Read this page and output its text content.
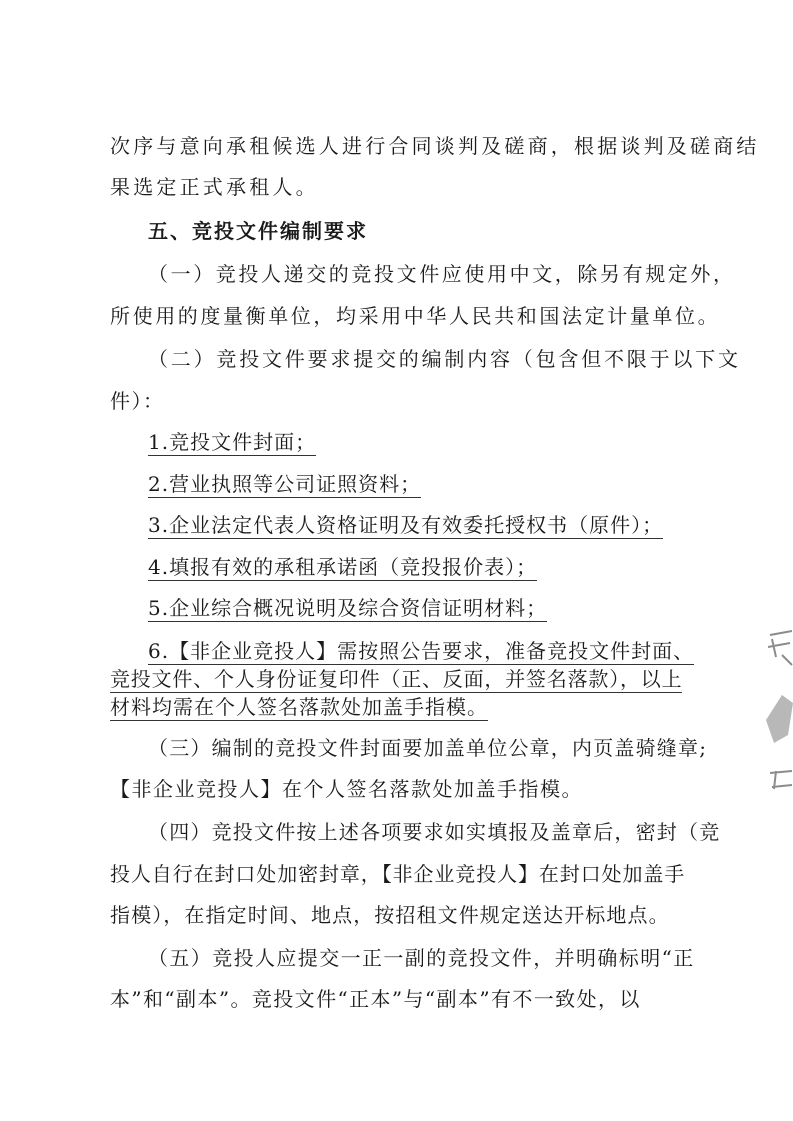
次序与意向承租候选人进行合同谈判及磋商，根据谈判及磋商结
果选定正式承租人。
五、竞投文件编制要求
（一）竞投人递交的竞投文件应使用中文，除另有规定外，
所使用的度量衡单位，均采用中华人民共和国法定计量单位。
（二）竞投文件要求提交的编制内容（包含但不限于以下文
件）：
1.竞投文件封面；
2.营业执照等公司证照资料；
3.企业法定代表人资格证明及有效委托授权书（原件）；
4.填报有效的承租承诺函（竞投报价表）；
5.企业综合概况说明及综合资信证明材料；
6.【非企业竞投人】需按照公告要求，准备竞投文件封面、
竞投文件、个人身份证复印件（正、反面，并签名落款），以上
材料均需在个人签名落款处加盖手指模。
（三）编制的竞投文件封面要加盖单位公章，内页盖骑缝章;
【非企业竞投人】在个人签名落款处加盖手指模。
（四）竞投文件按上述各项要求如实填报及盖章后，密封（竞
投人自行在封口处加密封章，【非企业竞投人】在封口处加盖手
指模），在指定时间、地点，按招租文件规定送达开标地点。
（五）竞投人应提交一正一副的竞投文件，并明确标明“正
本”和“副本”。竞投文件“正本”与“副本”有不一致处，以
